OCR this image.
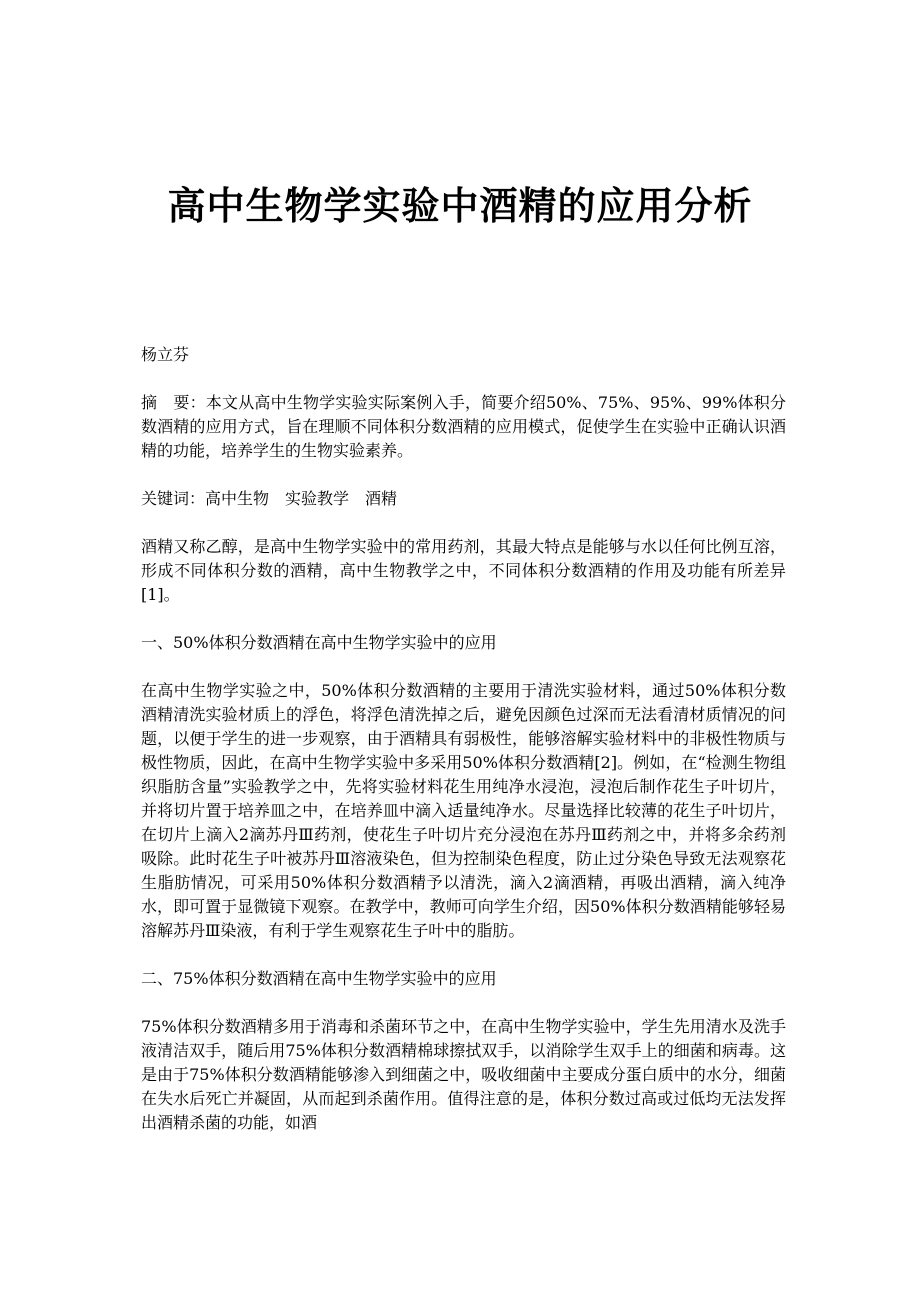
高中生物学实验中酒精的应用分析

杨立芬

摘　要：本文从高中生物学实验实际案例入手，简要介绍50%、75%、95%、99%体积分数酒精的应用方式，旨在理顺不同体积分数酒精的应用模式，促使学生在实验中正确认识酒精的功能，培养学生的生物实验素养。

关键词：高中生物　实验教学　酒精

酒精又称乙醇，是高中生物学实验中的常用药剂，其最大特点是能够与水以任何比例互溶，形成不同体积分数的酒精，高中生物教学之中，不同体积分数酒精的作用及功能有所差异[1]。

一、50%体积分数酒精在高中生物学实验中的应用

在高中生物学实验之中，50%体积分数酒精的主要用于清洗实验材料，通过50%体积分数酒精清洗实验材质上的浮色，将浮色清洗掉之后，避免因颜色过深而无法看清材质情况的问题，以便于学生的进一步观察，由于酒精具有弱极性，能够溶解实验材料中的非极性物质与极性物质，因此，在高中生物学实验中多采用50%体积分数酒精[2]。例如，在“检测生物组织脂肪含量”实验教学之中，先将实验材料花生用纯净水浸泡，浸泡后制作花生子叶切片，并将切片置于培养皿之中，在培养皿中滴入适量纯净水。尽量选择比较薄的花生子叶切片，在切片上滴入2滴苏丹Ⅲ药剂，使花生子叶切片充分浸泡在苏丹Ⅲ药剂之中，并将多余药剂吸除。此时花生子叶被苏丹Ⅲ溶液染色，但为控制染色程度，防止过分染色导致无法观察花生脂肪情况，可采用50%体积分数酒精予以清洗，滴入2滴酒精，再吸出酒精，滴入纯净水，即可置于显微镜下观察。在教学中，教师可向学生介绍，因50%体积分数酒精能够轻易溶解苏丹Ⅲ染液，有利于学生观察花生子叶中的脂肪。

二、75%体积分数酒精在高中生物学实验中的应用

75%体积分数酒精多用于消毒和杀菌环节之中，在高中生物学实验中，学生先用清水及洗手液清洁双手，随后用75%体积分数酒精棉球擦拭双手，以消除学生双手上的细菌和病毒。这是由于75%体积分数酒精能够渗入到细菌之中，吸收细菌中主要成分蛋白质中的水分，细菌在失水后死亡并凝固，从而起到杀菌作用。值得注意的是，体积分数过高或过低均无法发挥出酒精杀菌的功能，如酒
